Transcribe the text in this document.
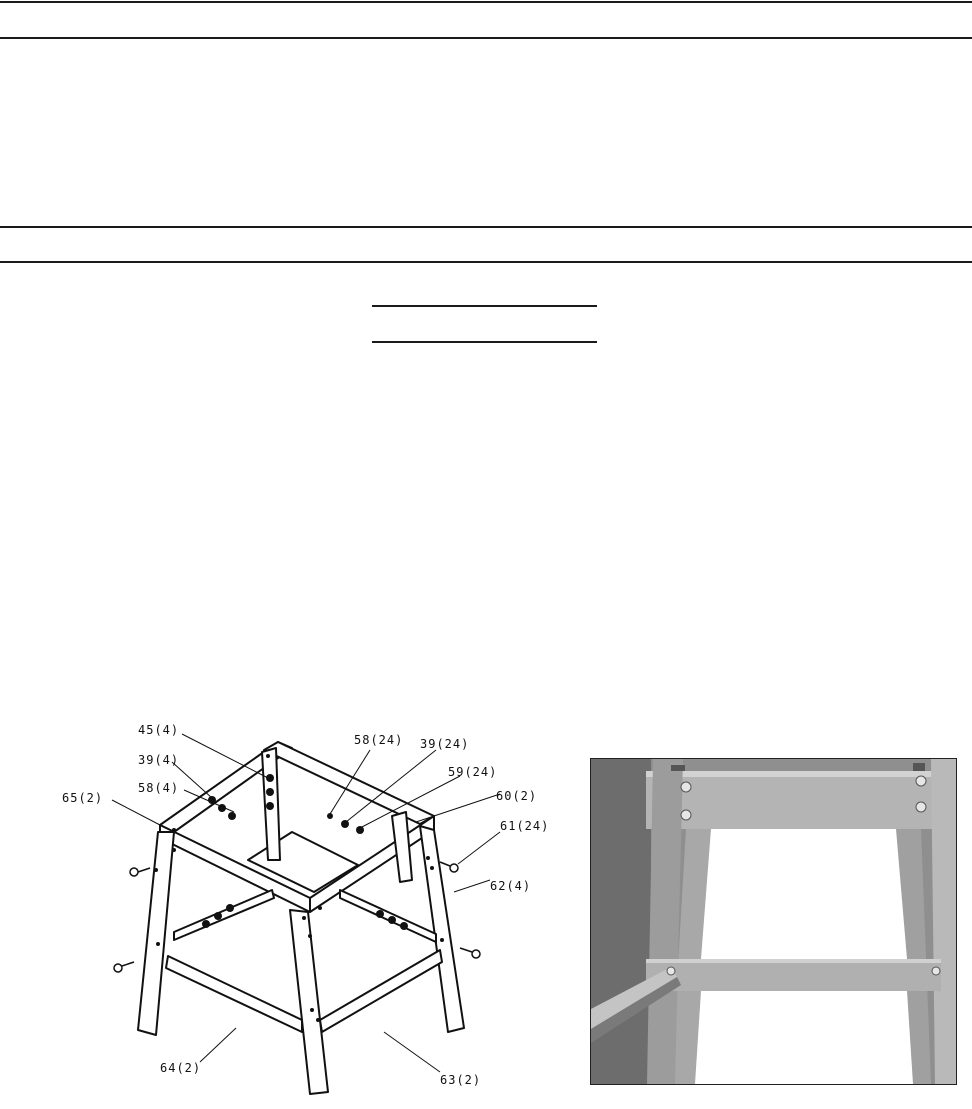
45(4)
39(4)
65(2)
58(4)
58(24) 39(24)
59(24)
60(2)
61(24)
62(4)
64(2)
63(2)
